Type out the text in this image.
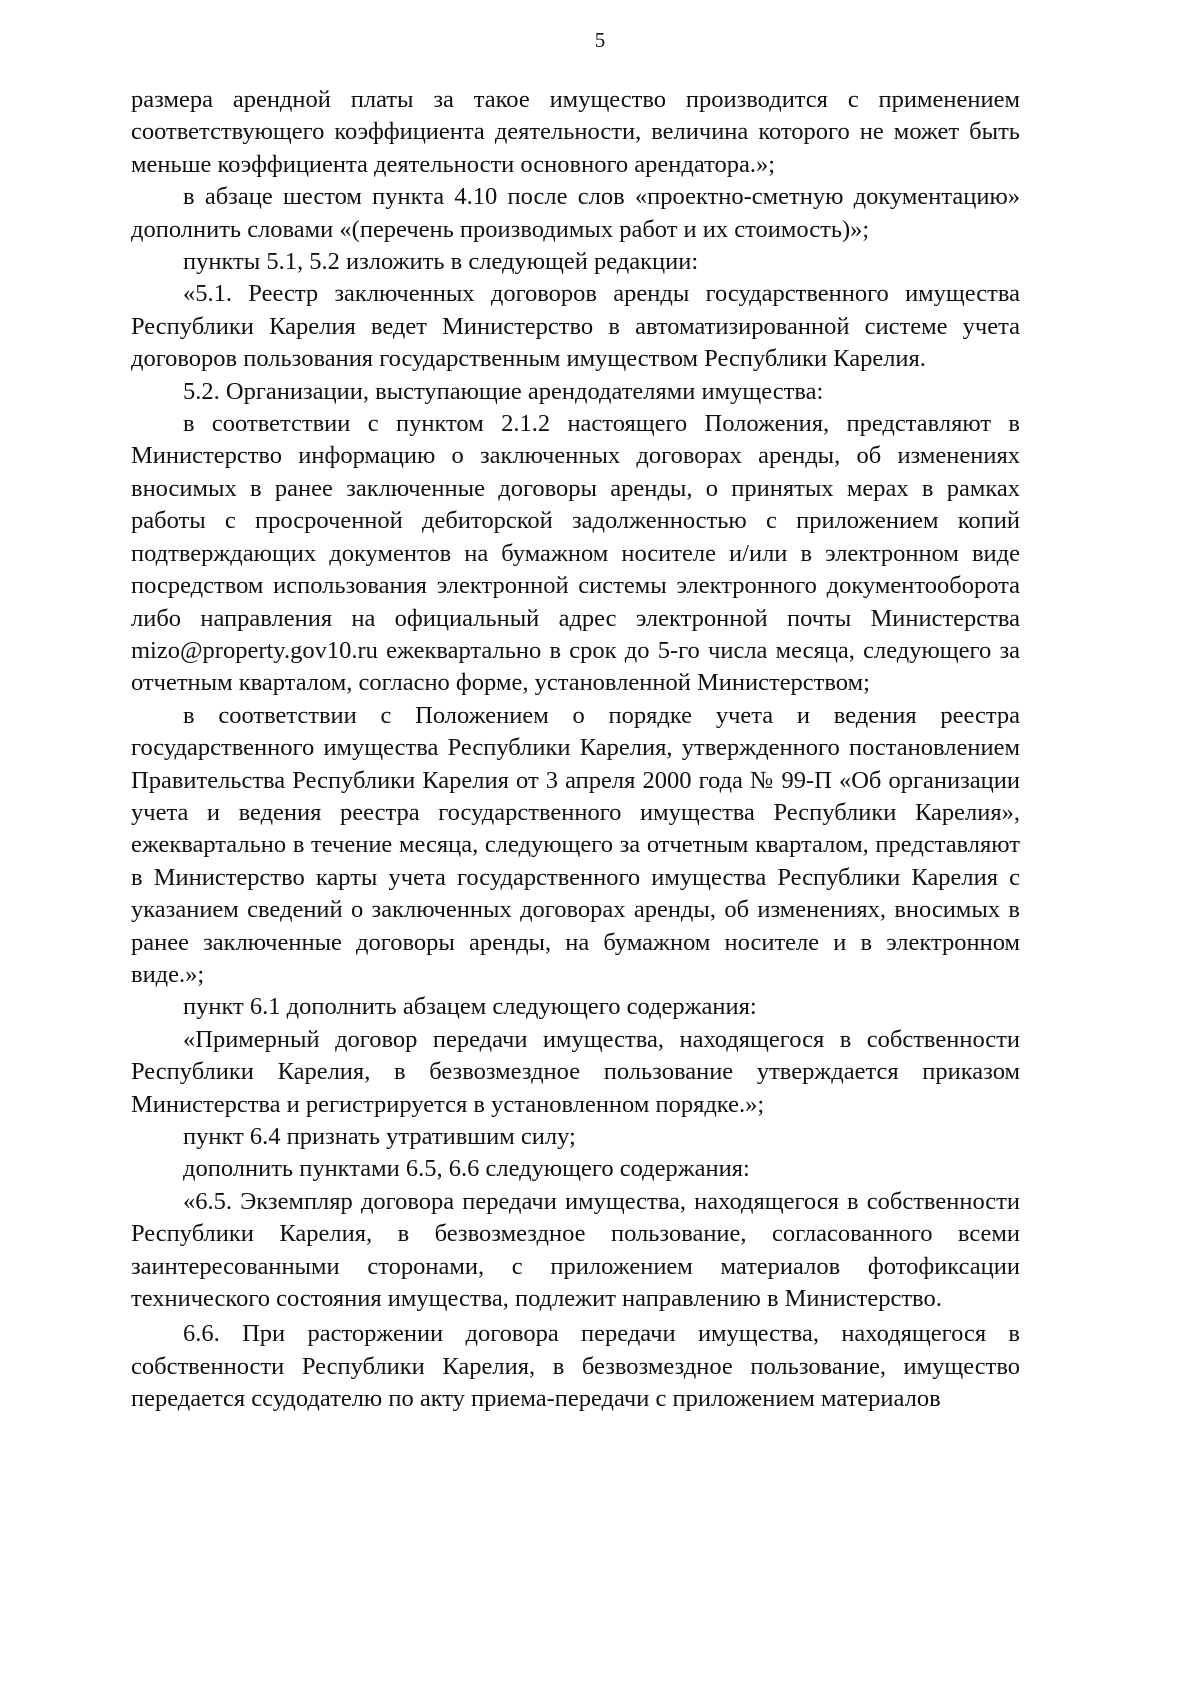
5

размера арендной платы за такое имущество производится с применением соответствующего коэффициента деятельности, величина которого не может быть меньше коэффициента деятельности основного арендатора.»;

в абзаце шестом пункта 4.10 после слов «проектно-сметную документацию» дополнить словами «(перечень производимых работ и их стоимость)»;

пункты 5.1, 5.2 изложить в следующей редакции:

«5.1. Реестр заключенных договоров аренды государственного имущества Республики Карелия ведет Министерство в автоматизированной системе учета договоров пользования государственным имуществом Республики Карелия.

5.2. Организации, выступающие арендодателями имущества:

в соответствии с пунктом 2.1.2 настоящего Положения, представляют в Министерство информацию о заключенных договорах аренды, об изменениях вносимых в ранее заключенные договоры аренды, о принятых мерах в рамках работы с просроченной дебиторской задолженностью с приложением копий подтверждающих документов на бумажном носителе и/или в электронном виде посредством использования электронной системы электронного документооборота либо направления на официальный адрес электронной почты Министерства mizo@property.gov10.ru ежеквартально в срок до 5-го числа месяца, следующего за отчетным кварталом, согласно форме, установленной Министерством;

в соответствии с Положением о порядке учета и ведения реестра государственного имущества Республики Карелия, утвержденного постановлением Правительства Республики Карелия от 3 апреля 2000 года № 99-П «Об организации учета и ведения реестра государственного имущества Республики Карелия», ежеквартально в течение месяца, следующего за отчетным кварталом, представляют в Министерство карты учета государственного имущества Республики Карелия с указанием сведений о заключенных договорах аренды, об изменениях, вносимых в ранее заключенные договоры аренды, на бумажном носителе и в электронном виде.»;

пункт 6.1 дополнить абзацем следующего содержания:

«Примерный договор передачи имущества, находящегося в собственности Республики Карелия, в безвозмездное пользование утверждается приказом Министерства и регистрируется в установленном порядке.»;

пункт 6.4 признать утратившим силу;

дополнить пунктами 6.5, 6.6 следующего содержания:

«6.5. Экземпляр договора передачи имущества, находящегося в собственности Республики Карелия, в безвозмездное пользование, согласованного всеми заинтересованными сторонами, с приложением материалов фотофиксации технического состояния имущества, подлежит направлению в Министерство.

6.6. При расторжении договора передачи имущества, находящегося в собственности Республики Карелия, в безвозмездное пользование, имущество передается ссудодателю по акту приема-передачи с приложением материалов
